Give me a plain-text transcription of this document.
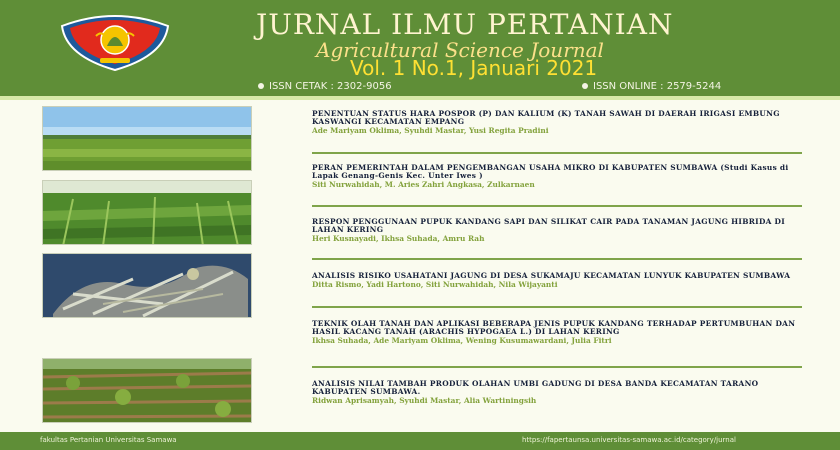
JURNAL ILMU PERTANIAN
Agricultural Science Journal
Vol. 1 No.1, Januari 2021
ISSN CETAK : 2302-9056	ISSN ONLINE : 2579-5244
PENENTUAN STATUS HARA POSPOR (P) DAN KALIUM (K) TANAH SAWAH DI DAERAH IRIGASI EMBUNG KASWANGI KECAMATAN EMPANG
Ade Mariyam Oklima, Syuhdi Mastar, Yusi Regita Pradini
PERAN PEMERINTAH DALAM PENGEMBANGAN USAHA MIKRO DI KABUPATEN SUMBAWA (Studi Kasus di Lapak Genang-Genis Kec. Unter Iwes )
Siti Nurwahidah, M. Aries Zahri Angkasa, Zulkarnaen
RESPON PENGGUNAAN PUPUK KANDANG SAPI DAN SILIKAT CAIR PADA TANAMAN JAGUNG HIBRIDA DI LAHAN KERING
Heri Kusnayadi, Ikhsa Suhada, Amru Rah
ANALISIS RISIKO USAHATANI JAGUNG DI DESA SUKAMAJU KECAMATAN LUNYUK KABUPATEN SUMBAWA
Ditta Rismo, Yadi Hartono, Siti Nurwahidah, Nila Wijayanti
TEKNIK OLAH TANAH DAN APLIKASI BEBERAPA JENIS PUPUK KANDANG TERHADAP PERTUMBUHAN DAN HASIL KACANG TANAH (ARACHIS HYPOGAEA L.) DI LAHAN KERING
Ikhsa Suhada, Ade Mariyam Oklima, Wening Kusumawardani, Julia Fitri
ANALISIS NILAI TAMBAH PRODUK OLAHAN UMBI GADUNG DI DESA BANDA KECAMATAN TARANO KABUPATEN SUMBAWA.
Ridwan Aprisamyah, Syuhdi Mastar, Alia Wartiningsih
fakultas Pertanian Universitas Samawa	https://fapertaunsa.universitas-samawa.ac.id/category/jurnal
